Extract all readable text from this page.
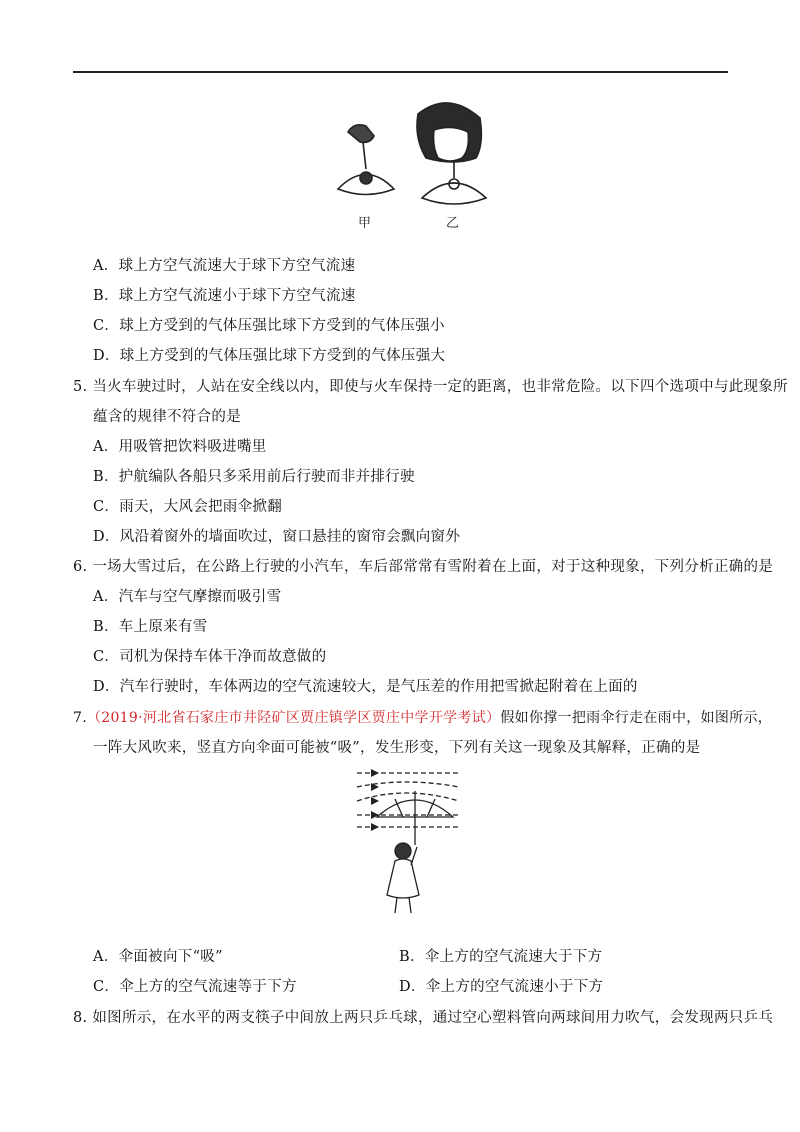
甲	乙
A．球上方空气流速大于球下方空气流速
B．球上方空气流速小于球下方空气流速
C．球上方受到的气体压强比球下方受到的气体压强小
D．球上方受到的气体压强比球下方受到的气体压强大
5. 当火车驶过时，人站在安全线以内，即使与火车保持一定的距离，也非常危险。以下四个选项中与此现象所
蕴含的规律不符合的是
A．用吸管把饮料吸进嘴里
B．护航编队各船只多采用前后行驶而非并排行驶
C．雨天，大风会把雨伞掀翻
D．风沿着窗外的墙面吹过，窗口悬挂的窗帘会飘向窗外
6. 一场大雪过后，在公路上行驶的小汽车，车后部常常有雪附着在上面，对于这种现象，下列分析正确的是
A．汽车与空气摩擦而吸引雪
B．车上原来有雪
C．司机为保持车体干净而故意做的
D．汽车行驶时，车体两边的空气流速较大，是气压差的作用把雪掀起附着在上面的
7.（2019·河北省石家庄市井陉矿区贾庄镇学区贾庄中学开学考试）假如你撑一把雨伞行走在雨中，如图所示，
一阵大风吹来，竖直方向伞面可能被“吸”，发生形变，下列有关这一现象及其解释，正确的是
A．伞面被向下“吸”	B．伞上方的空气流速大于下方
C．伞上方的空气流速等于下方	D．伞上方的空气流速小于下方
8. 如图所示，在水平的两支筷子中间放上两只乒乓球，通过空心塑料管向两球间用力吹气，会发现两只乒乓
